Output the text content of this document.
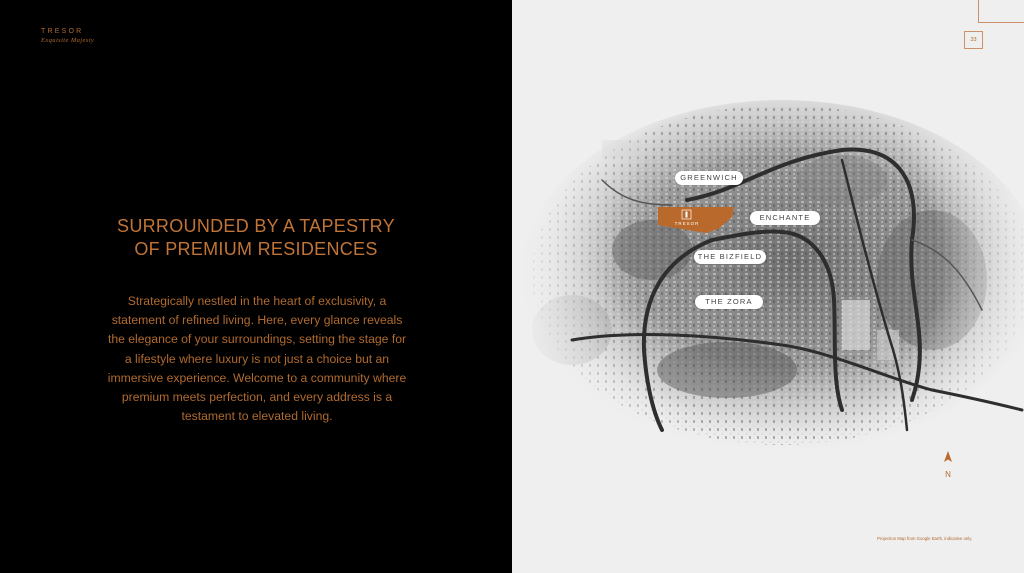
TRESOR
Exquisite Majesty
SURROUNDED BY A TAPESTRY
OF PREMIUM RESIDENCES
Strategically nestled in the heart of exclusivity, a statement of refined living. Here, every glance reveals the elegance of your surroundings, setting the stage for a lifestyle where luxury is not just a choice but an immersive experience. Welcome to a community where premium meets perfection, and every address is a testament to elevated living.
TRESOR
GREENWICH
ENCHANTE
THE BIZFIELD
THE ZORA
33
N
Projection Map from Google Earth, indicative only.
